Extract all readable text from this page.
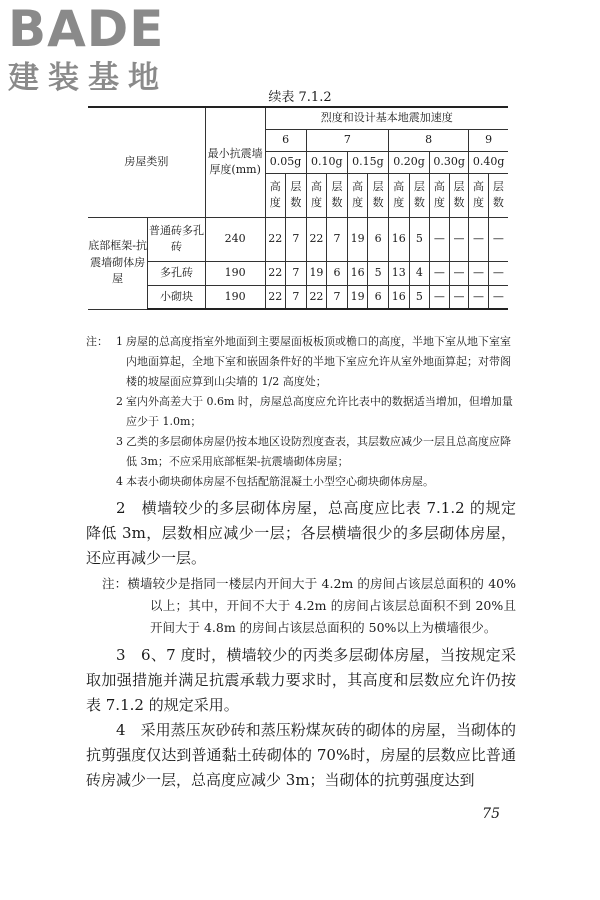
BADE
建装基地
续表 7.1.2
房屋类别		最小抗震墙厚度(mm)	烈度和设计基本地震加速度											
			6		7				8				9	
			0.05g		0.10g		0.15g		0.20g		0.30g		0.40g	
			高度	层数	高度	层数	高度	层数	高度	层数	高度	层数	高度	层数
底部框架-抗震墙砌体房屋	普通砖多孔砖	240	22	7	22	7	19	6	16	5	—	—	—	—
	多孔砖	190	22	7	19	6	16	5	13	4	—	—	—	—
	小砌块	190	22	7	22	7	19	6	16	5	—	—	—	—
注： 1 房屋的总高度指室外地面到主要屋面板板顶或檐口的高度，半地下室从地下室室内地面算起，全地下室和嵌固条件好的半地下室应允许从室外地面算起；对带阁楼的坡屋面应算到山尖墙的 1/2 高度处；
2 室内外高差大于 0.6m 时，房屋总高度应允许比表中的数据适当增加，但增加量应少于 1.0m；
3 乙类的多层砌体房屋仍按本地区设防烈度查表，其层数应减少一层且总高度应降低 3m；不应采用底部框架-抗震墙砌体房屋；
4 本表小砌块砌体房屋不包括配筋混凝土小型空心砌块砌体房屋。

2　横墙较少的多层砌体房屋，总高度应比表 7.1.2 的规定降低 3m，层数相应减少一层；各层横墙很少的多层砌体房屋，还应再减少一层。

注：横墙较少是指同一楼层内开间大于 4.2m 的房间占该层总面积的 40%以上；其中，开间不大于 4.2m 的房间占该层总面积不到 20%且开间大于 4.8m 的房间占该层总面积的 50%以上为横墙很少。

3　6、7 度时，横墙较少的丙类多层砌体房屋，当按规定采取加强措施并满足抗震承载力要求时，其高度和层数应允许仍按表 7.1.2 的规定采用。

4　采用蒸压灰砂砖和蒸压粉煤灰砖的砌体的房屋，当砌体的抗剪强度仅达到普通黏土砖砌体的 70%时，房屋的层数应比普通砖房减少一层，总高度应减少 3m；当砌体的抗剪强度达到

75
